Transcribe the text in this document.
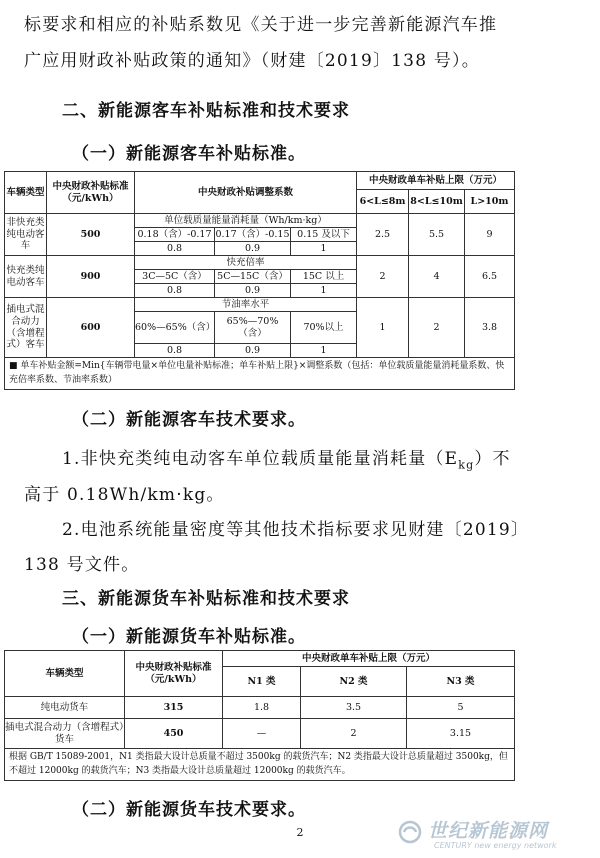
标要求和相应的补贴系数见《关于进一步完善新能源汽车推
广应用财政补贴政策的通知》（财建〔2019〕138 号）。
二、新能源客车补贴标准和技术要求
（一）新能源客车补贴标准。
车辆类型	中央财政补贴标准（元/kWh）	中央财政补贴调整系数			中央财政单车补贴上限（万元）		
					6<L≤8m	8<L≤10m	L>10m
非快充类纯电动客车	500	单位载质量能量消耗量（Wh/km·kg）			2.5	5.5	9
		0.18（含）-0.17	0.17（含）-0.15	0.15 及以下			
		0.8	0.9	1			
快充类纯电动客车	900	快充倍率			2	4	6.5
		3C—5C（含）	5C—15C（含）	15C 以上			
		0.8	0.9	1			
插电式混合动力（含增程式）客车	600	节油率水平			1	2	3.8
		60%—65%（含）	65%—70%（含）	70%以上			
		0.8	0.9	1			
■ 单车补贴金额=Min{车辆带电量×单位电量补贴标准；单车补贴上限}×调整系数（包括：单位载质量能量消耗量系数、快充倍率系数、节油率系数）							
（二）新能源客车技术要求。
1.非快充类纯电动客车单位载质量能量消耗量$(E_{kg})$不
高于 0.18Wh/km·kg。
2.电池系统能量密度等其他技术指标要求见财建〔2019〕
138 号文件。
三、新能源货车补贴标准和技术要求
（一）新能源货车补贴标准。
车辆类型	中央财政补贴标准（元/kWh）	中央财政单车补贴上限（万元）		
		N1 类	N2 类	N3 类
纯电动货车	315	1.8	3.5	5
插电式混合动力（含增程式）货车	450	—	2	3.15
根据 GB/T 15089-2001，N1 类指最大设计总质量不超过 3500kg 的载货汽车；N2 类指最大设计总质量超过 3500kg，但不超过 12000kg 的载货汽车；N3 类指最大设计总质量超过 12000kg 的载货汽车。				
（二）新能源货车技术要求。
2	世纪新能源网
CENTURY new energy network
